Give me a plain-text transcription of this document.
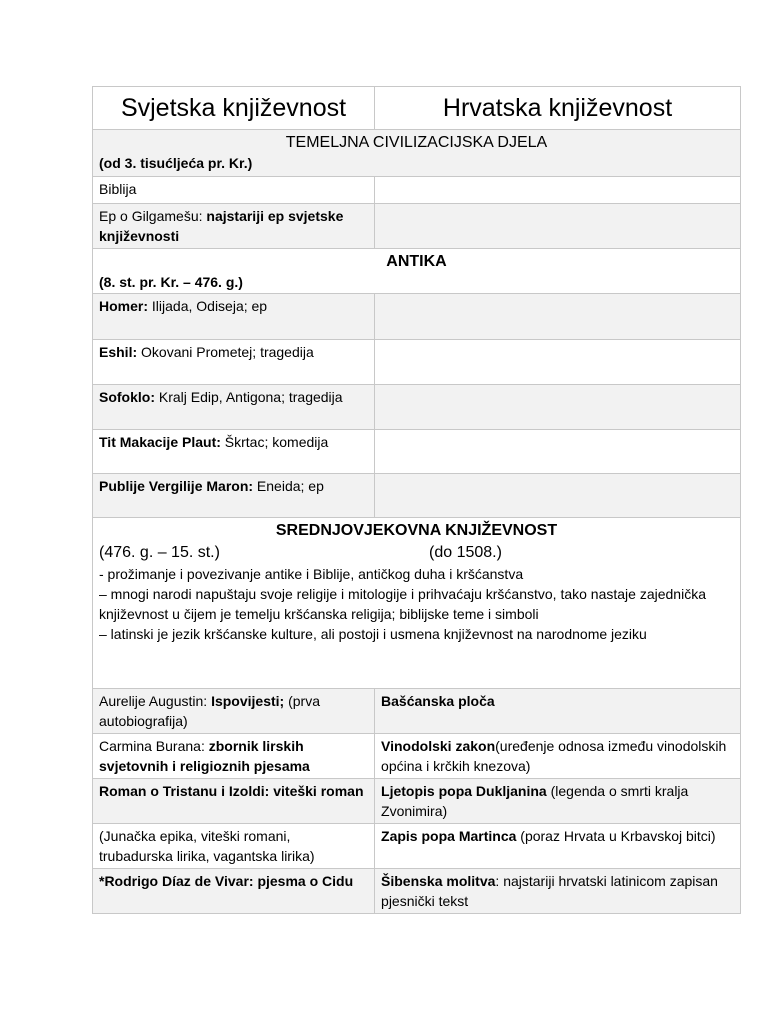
Svjetska književnost	Hrvatska književnost

TEMELJNA CIVILIZACIJSKA DJELA
(od 3. tisućljeća pr. Kr.)	

Biblija	
Ep o Gilgamešu: najstariji ep svjetske književnosti	

ANTIKA
(8. st. pr. Kr. – 476. g.)	

Homer: Ilijada, Odiseja; ep	
Eshil: Okovani Prometej; tragedija	
Sofoklo: Kralj Edip, Antigona; tragedija	
Tit Makacije Plaut: Škrtac; komedija	
Publije Vergilije Maron: Eneida; ep	

SREDNJOVJEKOVNA KNJIŽEVNOST
(476. g. – 15. st.) (do 1508.)
- prožimanje i povezivanje antike i Biblije, antičkog duha i kršćanstva
– mnogi narodi napuštaju svoje religije i mitologije i prihvaćaju kršćanstvo, tako nastaje zajednička književnost u čijem je temelju kršćanska religija; biblijske teme i simboli
– latinski je jezik kršćanske kulture, ali postoji i usmena književnost na narodnome jeziku	

Aurelije Augustin: Ispovijesti; (prva autobiografija)	Bašćanska ploča
Carmina Burana: zbornik lirskih svjetovnih i religioznih pjesama	Vinodolski zakon(uređenje odnosa između vinodolskih općina i krčkih knezova)
Roman o Tristanu i Izoldi: viteški roman	Ljetopis popa Dukljanina (legenda o smrti kralja Zvonimira)
(Junačka epika, viteški romani, trubadurska lirika, vagantska lirika)	Zapis popa Martinca (poraz Hrvata u Krbavskoj bitci)
*Rodrigo Díaz de Vivar: pjesma o Cidu	Šibenska molitva: najstariji hrvatski latinicom zapisan pjesnički tekst
